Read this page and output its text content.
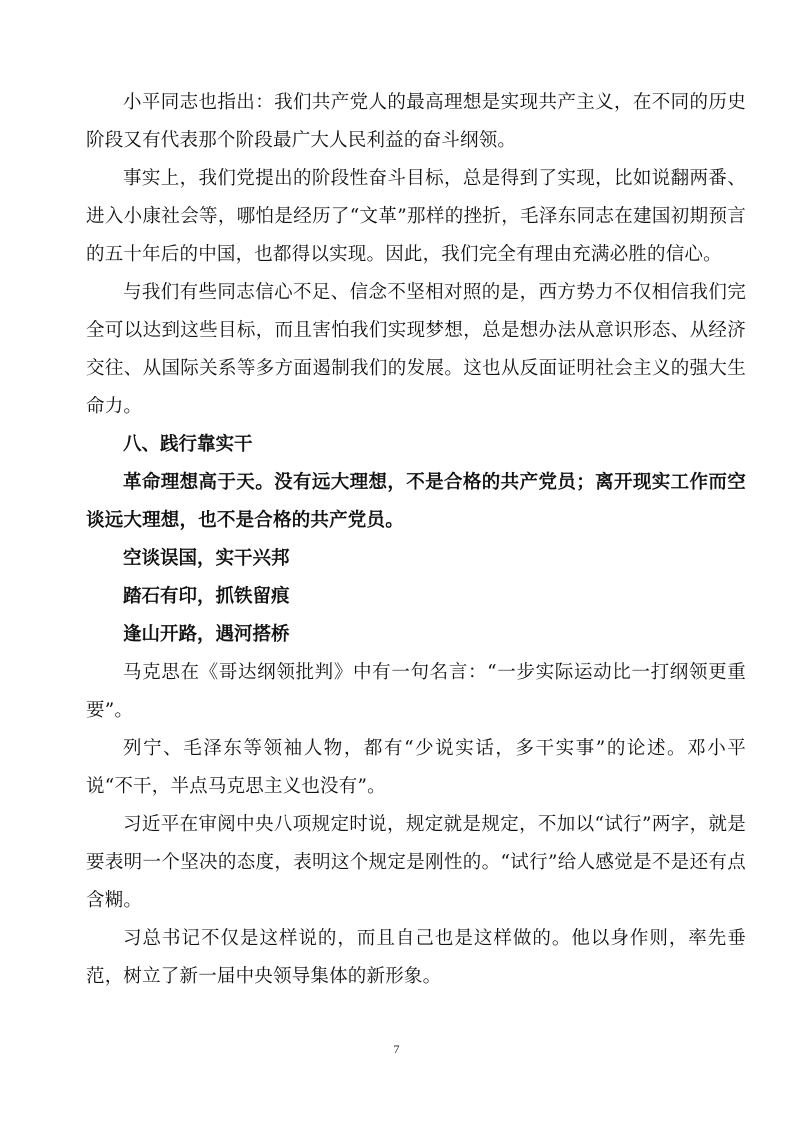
小平同志也指出：我们共产党人的最高理想是实现共产主义，在不同的历史阶段又有代表那个阶段最广大人民利益的奋斗纲领。

事实上，我们党提出的阶段性奋斗目标，总是得到了实现，比如说翻两番、进入小康社会等，哪怕是经历了“文革”那样的挫折，毛泽东同志在建国初期预言的五十年后的中国，也都得以实现。因此，我们完全有理由充满必胜的信心。

与我们有些同志信心不足、信念不坚相对照的是，西方势力不仅相信我们完全可以达到这些目标，而且害怕我们实现梦想，总是想办法从意识形态、从经济交往、从国际关系等多方面遏制我们的发展。这也从反面证明社会主义的强大生命力。

八、践行靠实干

革命理想高于天。没有远大理想，不是合格的共产党员；离开现实工作而空谈远大理想，也不是合格的共产党员。

空谈误国，实干兴邦

踏石有印，抓铁留痕

逢山开路，遇河搭桥

马克思在《哥达纲领批判》中有一句名言：“一步实际运动比一打纲领更重要”。

列宁、毛泽东等领袖人物，都有“少说实话，多干实事”的论述。邓小平说“不干，半点马克思主义也没有”。

习近平在审阅中央八项规定时说，规定就是规定，不加以“试行”两字，就是要表明一个坚决的态度，表明这个规定是刚性的。“试行”给人感觉是不是还有点含糊。

习总书记不仅是这样说的，而且自己也是这样做的。他以身作则，率先垂范，树立了新一届中央领导集体的新形象。

7
